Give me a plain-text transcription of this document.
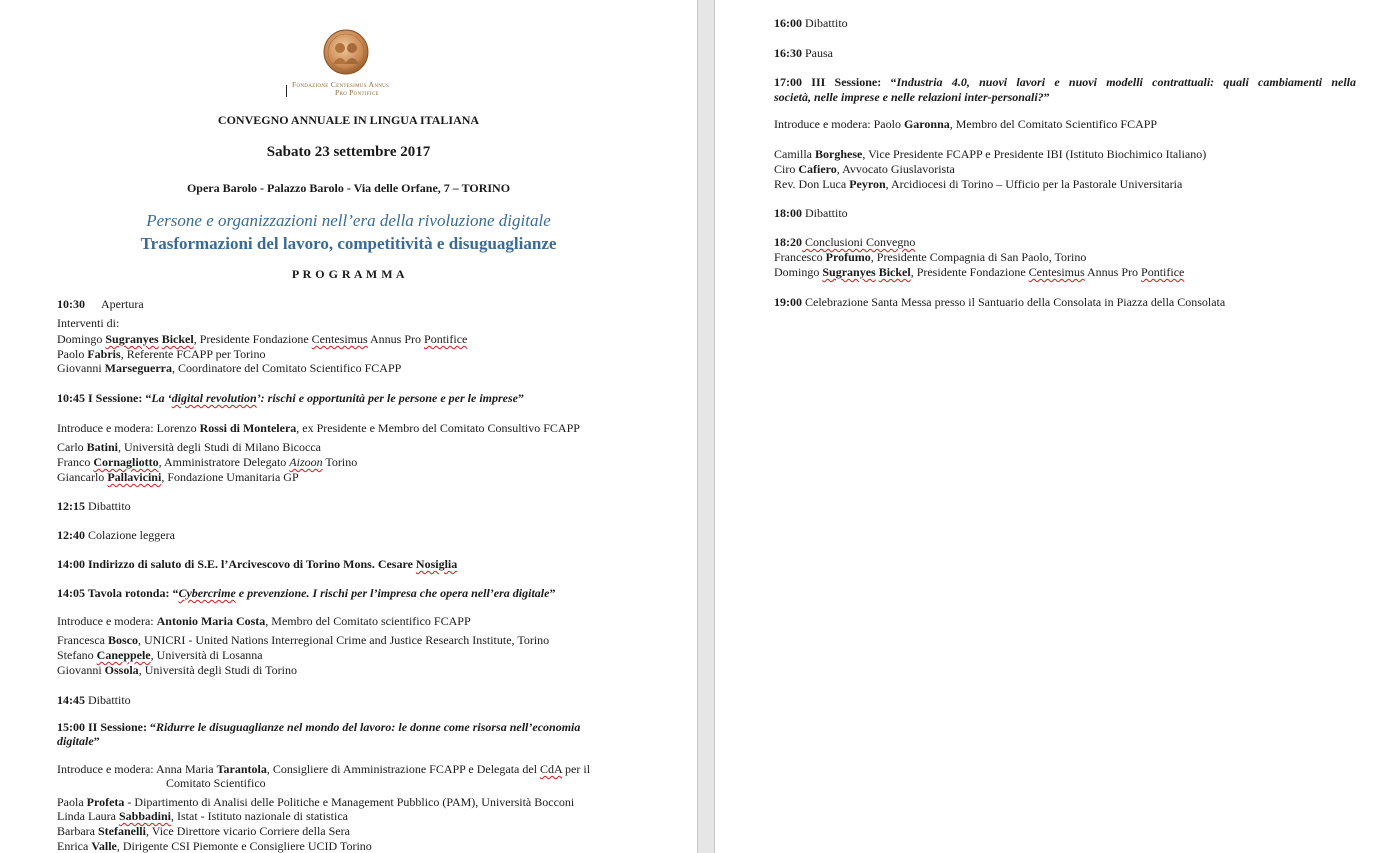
Fondazione Centesimus Annus
Pro Pontifice
CONVEGNO ANNUALE IN LINGUA ITALIANA
Sabato 23 settembre 2017
Opera Barolo - Palazzo Barolo - Via delle Orfane, 7 – TORINO
Persone e organizzazioni nell’era della rivoluzione digitale
Trasformazioni del lavoro, competitività e disuguaglianze
P R O G R A M M A
10:30 Apertura
Interventi di:
Domingo Sugranyes Bickel, Presidente Fondazione Centesimus Annus Pro Pontifice
Paolo Fabris, Referente FCAPP per Torino
Giovanni Marseguerra, Coordinatore del Comitato Scientifico FCAPP
10:45 I Sessione: “La ‘digital revolution’: rischi e opportunità per le persone e per le imprese”
Introduce e modera: Lorenzo Rossi di Montelera, ex Presidente e Membro del Comitato Consultivo FCAPP
Carlo Batini, Università degli Studi di Milano Bicocca
Franco Cornagliotto, Amministratore Delegato Aizoon Torino
Giancarlo Pallavicini, Fondazione Umanitaria GP
12:15 Dibattito
12:40 Colazione leggera
14:00 Indirizzo di saluto di S.E. l’Arcivescovo di Torino Mons. Cesare Nosiglia
14:05 Tavola rotonda: “Cybercrime e prevenzione. I rischi per l’impresa che opera nell’era digitale”
Introduce e modera: Antonio Maria Costa, Membro del Comitato scientifico FCAPP
Francesca Bosco, UNICRI - United Nations Interregional Crime and Justice Research Institute, Torino
Stefano Caneppele, Università di Losanna
Giovanni Ossola, Università degli Studi di Torino
14:45 Dibattito
15:00 II Sessione: “Ridurre le disuguaglianze nel mondo del lavoro: le donne come risorsa nell’economia
digitale”
Introduce e modera: Anna Maria Tarantola, Consigliere di Amministrazione FCAPP e Delegata del CdA per il
Comitato Scientifico
Paola Profeta - Dipartimento di Analisi delle Politiche e Management Pubblico (PAM), Università Bocconi
Linda Laura Sabbadini, Istat - Istituto nazionale di statistica
Barbara Stefanelli, Vice Direttore vicario Corriere della Sera
Enrica Valle, Dirigente CSI Piemonte e Consigliere UCID Torino
16:00 Dibattito
16:30 Pausa
17:00 III Sessione: “Industria 4.0, nuovi lavori e nuovi modelli contrattuali: quali cambiamenti nella
società, nelle imprese e nelle relazioni inter-personali?”
Introduce e modera: Paolo Garonna, Membro del Comitato Scientifico FCAPP
Camilla Borghese, Vice Presidente FCAPP e Presidente IBI (Istituto Biochimico Italiano)
Ciro Cafiero, Avvocato Giuslavorista
Rev. Don Luca Peyron, Arcidiocesi di Torino – Ufficio per la Pastorale Universitaria
18:00 Dibattito
18:20 Conclusioni Convegno
Francesco Profumo, Presidente Compagnia di San Paolo, Torino
Domingo Sugranyes Bickel, Presidente Fondazione Centesimus Annus Pro Pontifice
19:00 Celebrazione Santa Messa presso il Santuario della Consolata in Piazza della Consolata
